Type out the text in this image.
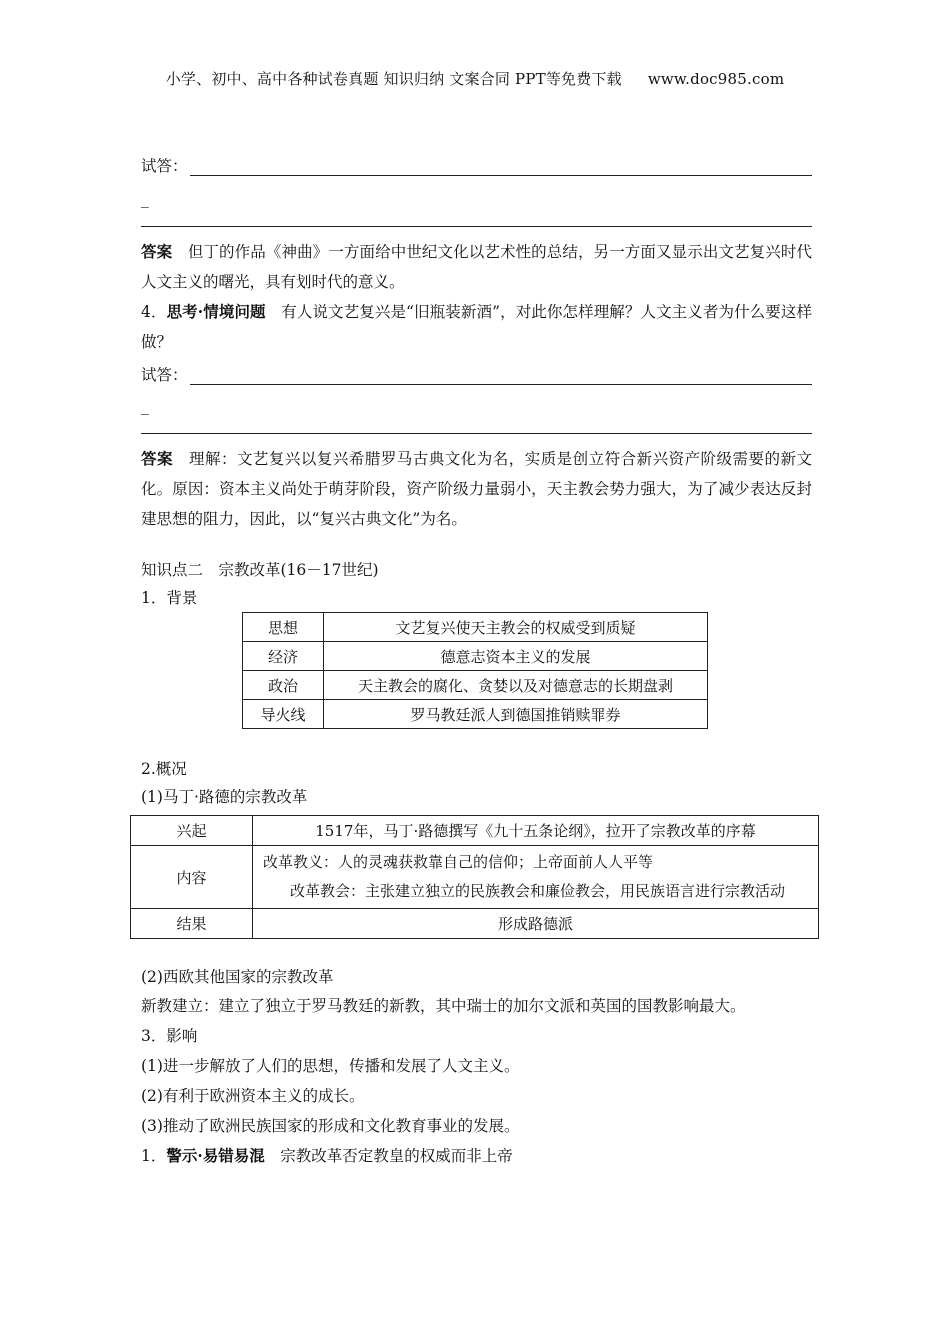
小学、初中、高中各种试卷真题 知识归纳 文案合同 PPT等免费下载 www.doc985.com
试答：
_
答案　 但丁的作品《神曲》一方面给中世纪文化以艺术性的总结，另一方面又显示出文艺复兴时代人文主义的曙光，具有划时代的意义。
4．思考·情境问题　 有人说文艺复兴是“旧瓶装新酒”，对此你怎样理解？人文主义者为什么要这样做？
试答：
_
答案　 理解：文艺复兴以复兴希腊罗马古典文化为名，实质是创立符合新兴资产阶级需要的新文化。原因：资本主义尚处于萌芽阶段，资产阶级力量弱小，天主教会势力强大，为了减少表达反封建思想的阻力，因此，以“复兴古典文化”为名。
知识点二　宗教改革(16－17世纪)
1．背景
思想	文艺复兴使天主教会的权威受到质疑
经济	德意志资本主义的发展
政治	天主教会的腐化、贪婪以及对德意志的长期盘剥
导火线	罗马教廷派人到德国推销赎罪券
2.概况
(1)马丁·路德的宗教改革
兴起	1517年，马丁·路德撰写《九十五条论纲》，拉开了宗教改革的序幕
内容	改革教义：人的灵魂获救靠自己的信仰；上帝面前人人平等
改革教会：主张建立独立的民族教会和廉俭教会，用民族语言进行宗教活动

结果	形成路德派
(2)西欧其他国家的宗教改革
新教建立：建立了独立于罗马教廷的新教，其中瑞士的加尔文派和英国的国教影响最大。
3．影响
(1)进一步解放了人们的思想，传播和发展了人文主义。
(2)有利于欧洲资本主义的成长。
(3)推动了欧洲民族国家的形成和文化教育事业的发展。
1．警示·易错易混　 宗教改革否定教皇的权威而非上帝
